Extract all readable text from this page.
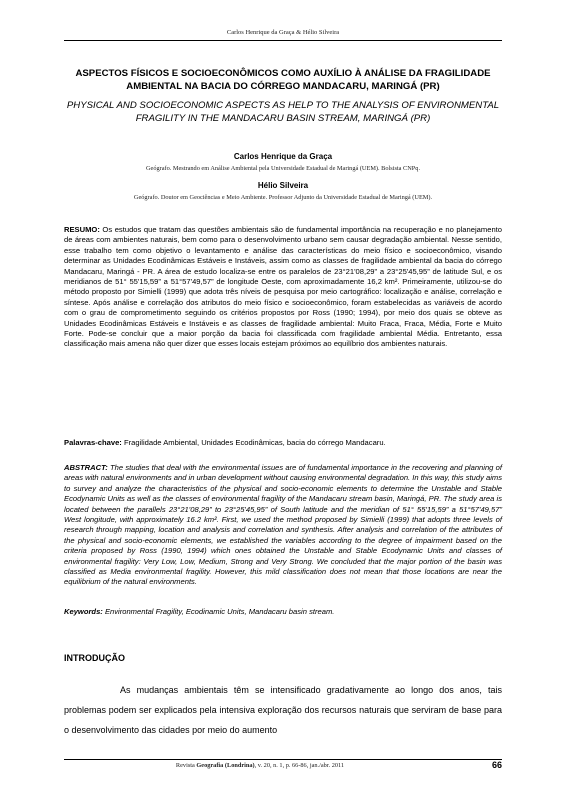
Carlos Henrique da Graça & Hélio Silveira
ASPECTOS FÍSICOS E SOCIOECONÔMICOS COMO AUXÍLIO À ANÁLISE DA FRAGILIDADE AMBIENTAL NA BACIA DO CÓRREGO MANDACARU, MARINGÁ (PR)
PHYSICAL AND SOCIOECONOMIC ASPECTS AS HELP TO THE ANALYSIS OF ENVIRONMENTAL FRAGILITY IN THE MANDACARU BASIN STREAM, MARINGÁ (PR)
Carlos Henrique da Graça
Geógrafo. Mestrando em Análise Ambiental pela Universidade Estadual de Maringá (UEM). Bolsista CNPq.
Hélio Silveira
Geógrafo. Doutor em Geociências e Meio Ambiente. Professor Adjunto da Universidade Estadual de Maringá (UEM).
RESUMO: Os estudos que tratam das questões ambientais são de fundamental importância na recuperação e no planejamento de áreas com ambientes naturais, bem como para o desenvolvimento urbano sem causar degradação ambiental. Nesse sentido, esse trabalho tem como objetivo o levantamento e análise das características do meio físico e socioeconômico, visando determinar as Unidades Ecodinâmicas Estáveis e Instáveis, assim como as classes de fragilidade ambiental da bacia do córrego Mandacaru, Maringá - PR. A área de estudo localiza-se entre os paralelos de 23°21'08,29” a 23°25'45,95” de latitude Sul, e os meridianos de 51° 55'15,59” a 51°57'49,57” de longitude Oeste, com aproximadamente 16,2 km². Primeiramente, utilizou-se do método proposto por Simielli (1999) que adota três níveis de pesquisa por meio cartográfico: localização e análise, correlação e síntese. Após análise e correlação dos atributos do meio físico e socioeconômico, foram estabelecidas as variáveis de acordo com o grau de comprometimento seguindo os critérios propostos por Ross (1990; 1994), por meio dos quais se obteve as Unidades Ecodinâmicas Estáveis e Instáveis e as classes de fragilidade ambiental: Muito Fraca, Fraca, Média, Forte e Muito Forte. Pode-se concluir que a maior porção da bacia foi classificada com fragilidade ambiental Média. Entretanto, essa classificação mais amena não quer dizer que esses locais estejam próximos ao equilíbrio dos ambientes naturais.
Palavras-chave: Fragilidade Ambiental, Unidades Ecodinâmicas, bacia do córrego Mandacaru.
ABSTRACT: The studies that deal with the environmental issues are of fundamental importance in the recovering and planning of areas with natural environments and in urban development without causing environmental degradation. In this way, this study aims to survey and analyze the characteristics of the physical and socio-economic elements to determine the Unstable and Stable Ecodynamic Units as well as the classes of environmental fragility of the Mandacaru stream basin, Maringá, PR. The study area is located between the parallels 23°21'08,29” to 23°25'45,95” of South latitude and the meridian of 51° 55'15,59” a 51°57'49,57” West longitude, with approximately 16.2 km². First, we used the method proposed by Simielli (1999) that adopts three levels of research through mapping, location and analysis and correlation and synthesis. After analysis and correlation of the attributes of the physical and socio-economic elements, we established the variables according to the degree of impairment based on the criteria proposed by Ross (1990, 1994) which ones obtained the Unstable and Stable Ecodynamic Units and classes of environmental fragility: Very Low, Low, Medium, Strong and Very Strong. We concluded that the major portion of the basin was classified as Media environmental fragility. However, this mild classification does not mean that those locations are near the equilibrium of the natural environments.
Keywords: Environmental Fragility, Ecodinamic Units, Mandacaru basin stream.
INTRODUÇÃO
As mudanças ambientais têm se intensificado gradativamente ao longo dos anos, tais problemas podem ser explicados pela intensiva exploração dos recursos naturais que serviram de base para o desenvolvimento das cidades por meio do aumento
Revista Geografia (Londrina), v. 20, n. 1, p. 66-86, jan./abr. 2011	66
